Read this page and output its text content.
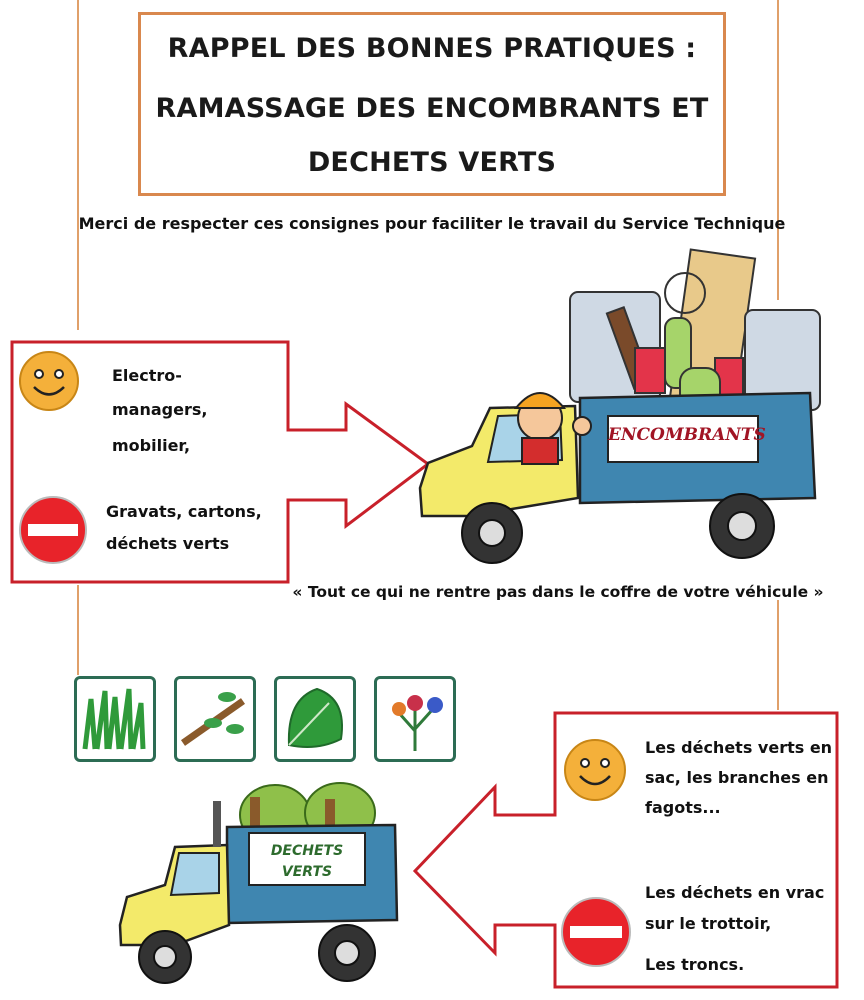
RAPPEL DES BONNES PRATIQUES :
RAMASSAGE DES ENCOMBRANTS ET
DECHETS VERTS
Merci de respecter ces consignes pour faciliter le travail du Service Technique
Electro-
managers,
mobilier,
Gravats, cartons,
déchets verts
ENCOMBRANTS
« Tout ce qui ne rentre pas dans le coffre de votre véhicule »
Les déchets verts en
sac, les branches en
fagots...
Les déchets en vrac
sur le trottoir,
Les troncs.
DECHETS
VERTS
